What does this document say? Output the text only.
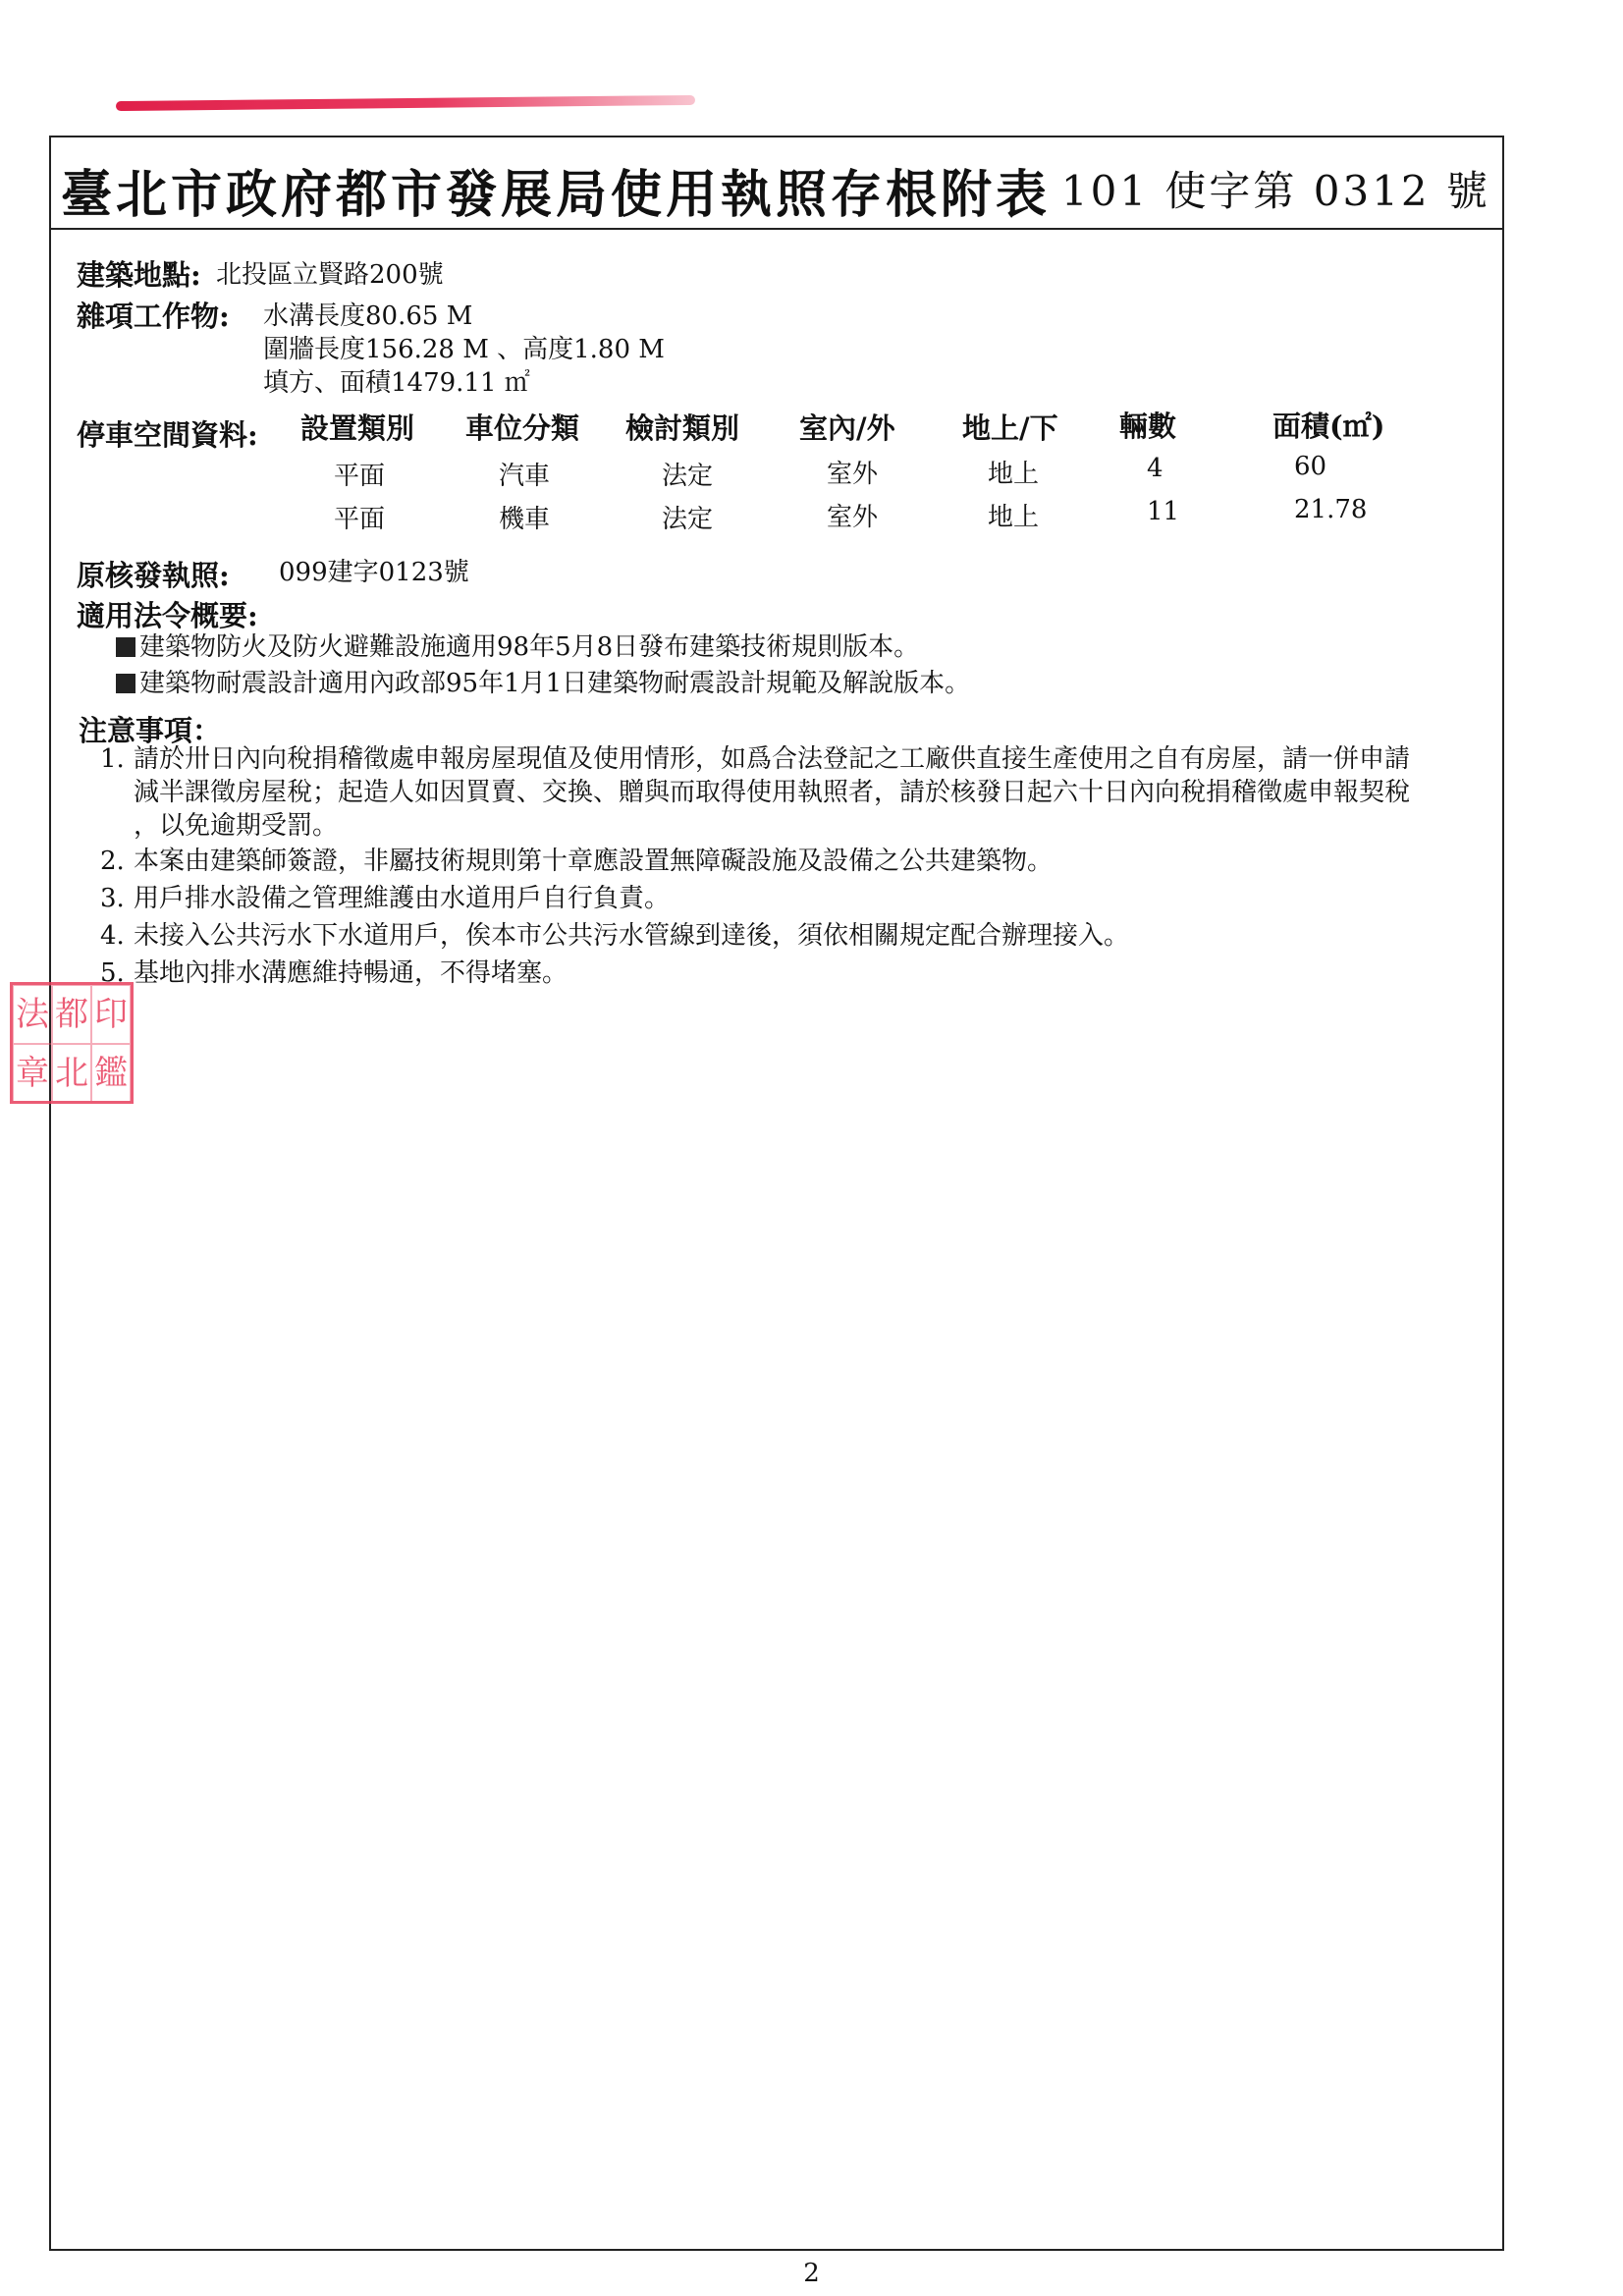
臺北市政府都市發展局使用執照存根附表 101 使字第 0312 號
建築地點: 北投區立賢路200號
雜項工作物: 水溝長度80.65 M
圍牆長度156.28 M 、高度1.80 M
填方、面積1479.11 ㎡
停車空間資料: 設置類別 車位分類 檢討類別 室內/外 地上/下 輛數	面積(㎡)
平面	汽車	法定	室外	地上	4	60
平面	機車	法定	室外	地上	11	21.78
原核發執照: 099建字0123號
適用法令概要:
建築物防火及防火避難設施適用98年5月8日發布建築技術規則版本。
建築物耐震設計適用內政部95年1月1日建築物耐震設計規範及解說版本。
注意事項：
1. 請於卅日內向稅捐稽徵處申報房屋現值及使用情形，如爲合法登記之工廠供直接生產使用之自有房屋，請一併申請
減半課徵房屋稅；起造人如因買賣、交換、贈與而取得使用執照者，請於核發日起六十日內向稅捐稽徵處申報契稅
，以免逾期受罰。
2. 本案由建築師簽證，非屬技術規則第十章應設置無障礙設施及設備之公共建築物。
3. 用戶排水設備之管理維護由水道用戶自行負責。
4. 未接入公共污水下水道用戶，俟本市公共污水管線到達後，須依相關規定配合辦理接入。
5. 基地內排水溝應維持暢通，不得堵塞。
法 都 印
章 北 鑑
2
